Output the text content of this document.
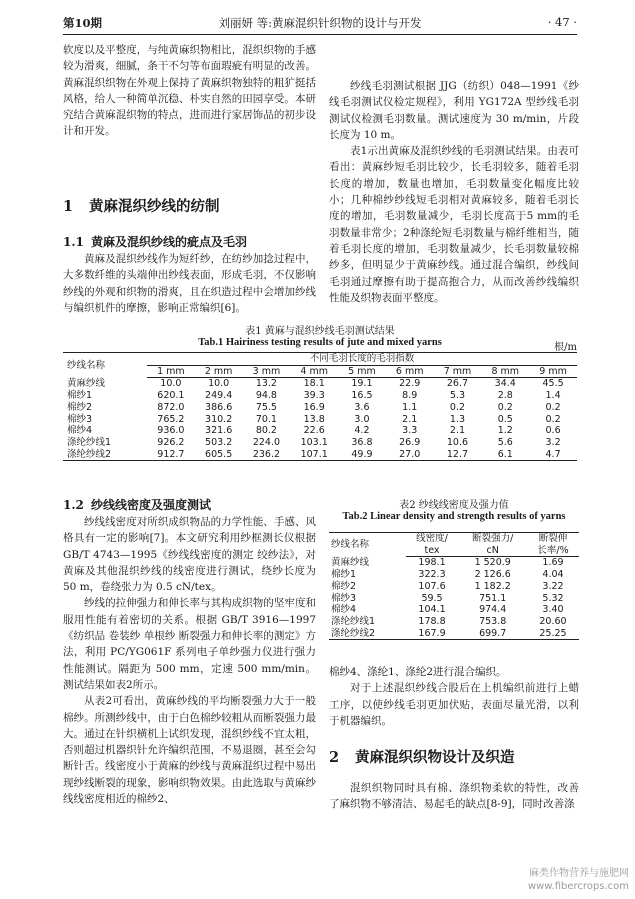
第10期	刘丽妍 等:黄麻混织针织物的设计与开发	· 47 ·

软度以及平整度，与纯黄麻织物相比，混织织物的手感较为滑爽，细腻，条干不匀等布面瑕疵有明显的改善。黄麻混织织物在外观上保持了黄麻织物独特的粗犷挺括风格，给人一种简单沉稳、朴实自然的田园享受。本研究结合黄麻混织物的特点，进而进行家居饰品的初步设计和开发。

1 黄麻混织纱线的纺制
1.1 黄麻及混织纱线的疵点及毛羽

黄麻及混织纱线作为短纤纱，在纺纱加捻过程中，大多数纤维的头端伸出纱线表面，形成毛羽，不仅影响纱线的外观和织物的滑爽，且在织造过程中会增加纱线与编织机件的摩擦，影响正常编织[6]。

纱线毛羽测试根据 JJG（纺织）048—1991《纱线毛羽测试仪检定规程》，利用 YG172A 型纱线毛羽测试仪检测毛羽数量。测试速度为 30 m/min，片段长度为 10 m。

表1示出黄麻及混织纱线的毛羽测试结果。由表可看出：黄麻纱短毛羽比较少，长毛羽较多，随着毛羽长度的增加，数量也增加，毛羽数量变化幅度比较小；几种棉纱纱线短毛羽相对黄麻较多，随着毛羽长度的增加，毛羽数量减少，毛羽长度高于5 mm的毛羽数量非常少；2种涤纶短毛羽数量与棉纤维相当，随着毛羽长度的增加，毛羽数量减少，长毛羽数量较棉纱多，但明显少于黄麻纱线。通过混合编织，纱线间毛羽通过摩擦有助于提高抱合力，从而改善纱线编织性能及织物表面平整度。

表1 黄麻与混织纱线毛羽测试结果
Tab.1 Hairiness testing results of jute and mixed yarns	根/m
纱线名称	不同毛羽长度的毛羽指数								
	1 mm	2 mm	3 mm	4 mm	5 mm	6 mm	7 mm	8 mm	9 mm
黄麻纱线	10.0	10.0	13.2	18.1	19.1	22.9	26.7	34.4	45.5
棉纱1	620.1	249.4	94.8	39.3	16.5	8.9	5.3	2.8	1.4
棉纱2	872.0	386.6	75.5	16.9	3.6	1.1	0.2	0.2	0.2
棉纱3	765.2	310.2	70.1	13.8	3.0	2.1	1.3	0.5	0.2
棉纱4	936.0	321.6	80.2	22.6	4.2	3.3	2.1	1.2	0.6
涤纶纱线1	926.2	503.2	224.0	103.1	36.8	26.9	10.6	5.6	3.2
涤纶纱线2	912.7	605.5	236.2	107.1	49.9	27.0	12.7	6.1	4.7
1.2 纱线线密度及强度测试

纱线线密度对所织成织物品的力学性能、手感、风格具有一定的影响[7]。本文研究利用纱框测长仪根据 GB/T 4743—1995《纱线线密度的测定 绞纱法》，对黄麻及其他混织纱线的线密度进行测试，绕纱长度为 50 m，卷绕张力为 0.5 cN/tex。

纱线的拉伸强力和伸长率与其构成织物的坚牢度和服用性能有着密切的关系。根据 GB/T 3916—1997《纺织品 卷装纱 单根纱 断裂强力和伸长率的测定》方法，利用 PC/YG061F 系列电子单纱强力仪进行强力性能测试。隔距为 500 mm，定速 500 mm/min。测试结果如表2所示。

从表2可看出，黄麻纱线的平均断裂强力大于一般棉纱。所测纱线中，由于白色棉纱较粗从而断裂强力最大。通过在针织横机上试织发现，混织纱线不宜太粗，否则超过机器织针允许编织范围，不易退圈，甚至会勾断针舌。线密度小于黄麻的纱线与黄麻混织过程中易出现纱线断裂的现象，影响织物效果。由此选取与黄麻纱线线密度相近的棉纱2、

表2 纱线线密度及强力值
Tab.2 Linear density and strength results of yarns
纱线名称	线密度/	断裂强力/	断裂伸
	tex	cN	长率/%
黄麻纱线	198.1	1 520.9	1.69
棉纱1	322.3	2 126.6	4.04
棉纱2	107.6	1 182.2	3.22
棉纱3	59.5	751.1	5.32
棉纱4	104.1	974.4	3.40
涤纶纱线1	178.8	753.8	20.60
涤纶纱线2	167.9	699.7	25.25

棉纱4、涤纶1、涤纶2进行混合编织。

对于上述混织纱线合股后在上机编织前进行上蜡工序，以使纱线毛羽更加伏贴，表面尽量光滑，以利于机器编织。

2 黄麻混织织物设计及织造

混织织物同时具有棉、涤织物柔软的特性，改善了麻织物不够清洁、易起毛的缺点[8-9]，同时改善涤

麻类作物营养与施肥网
www.fibercrops.com
